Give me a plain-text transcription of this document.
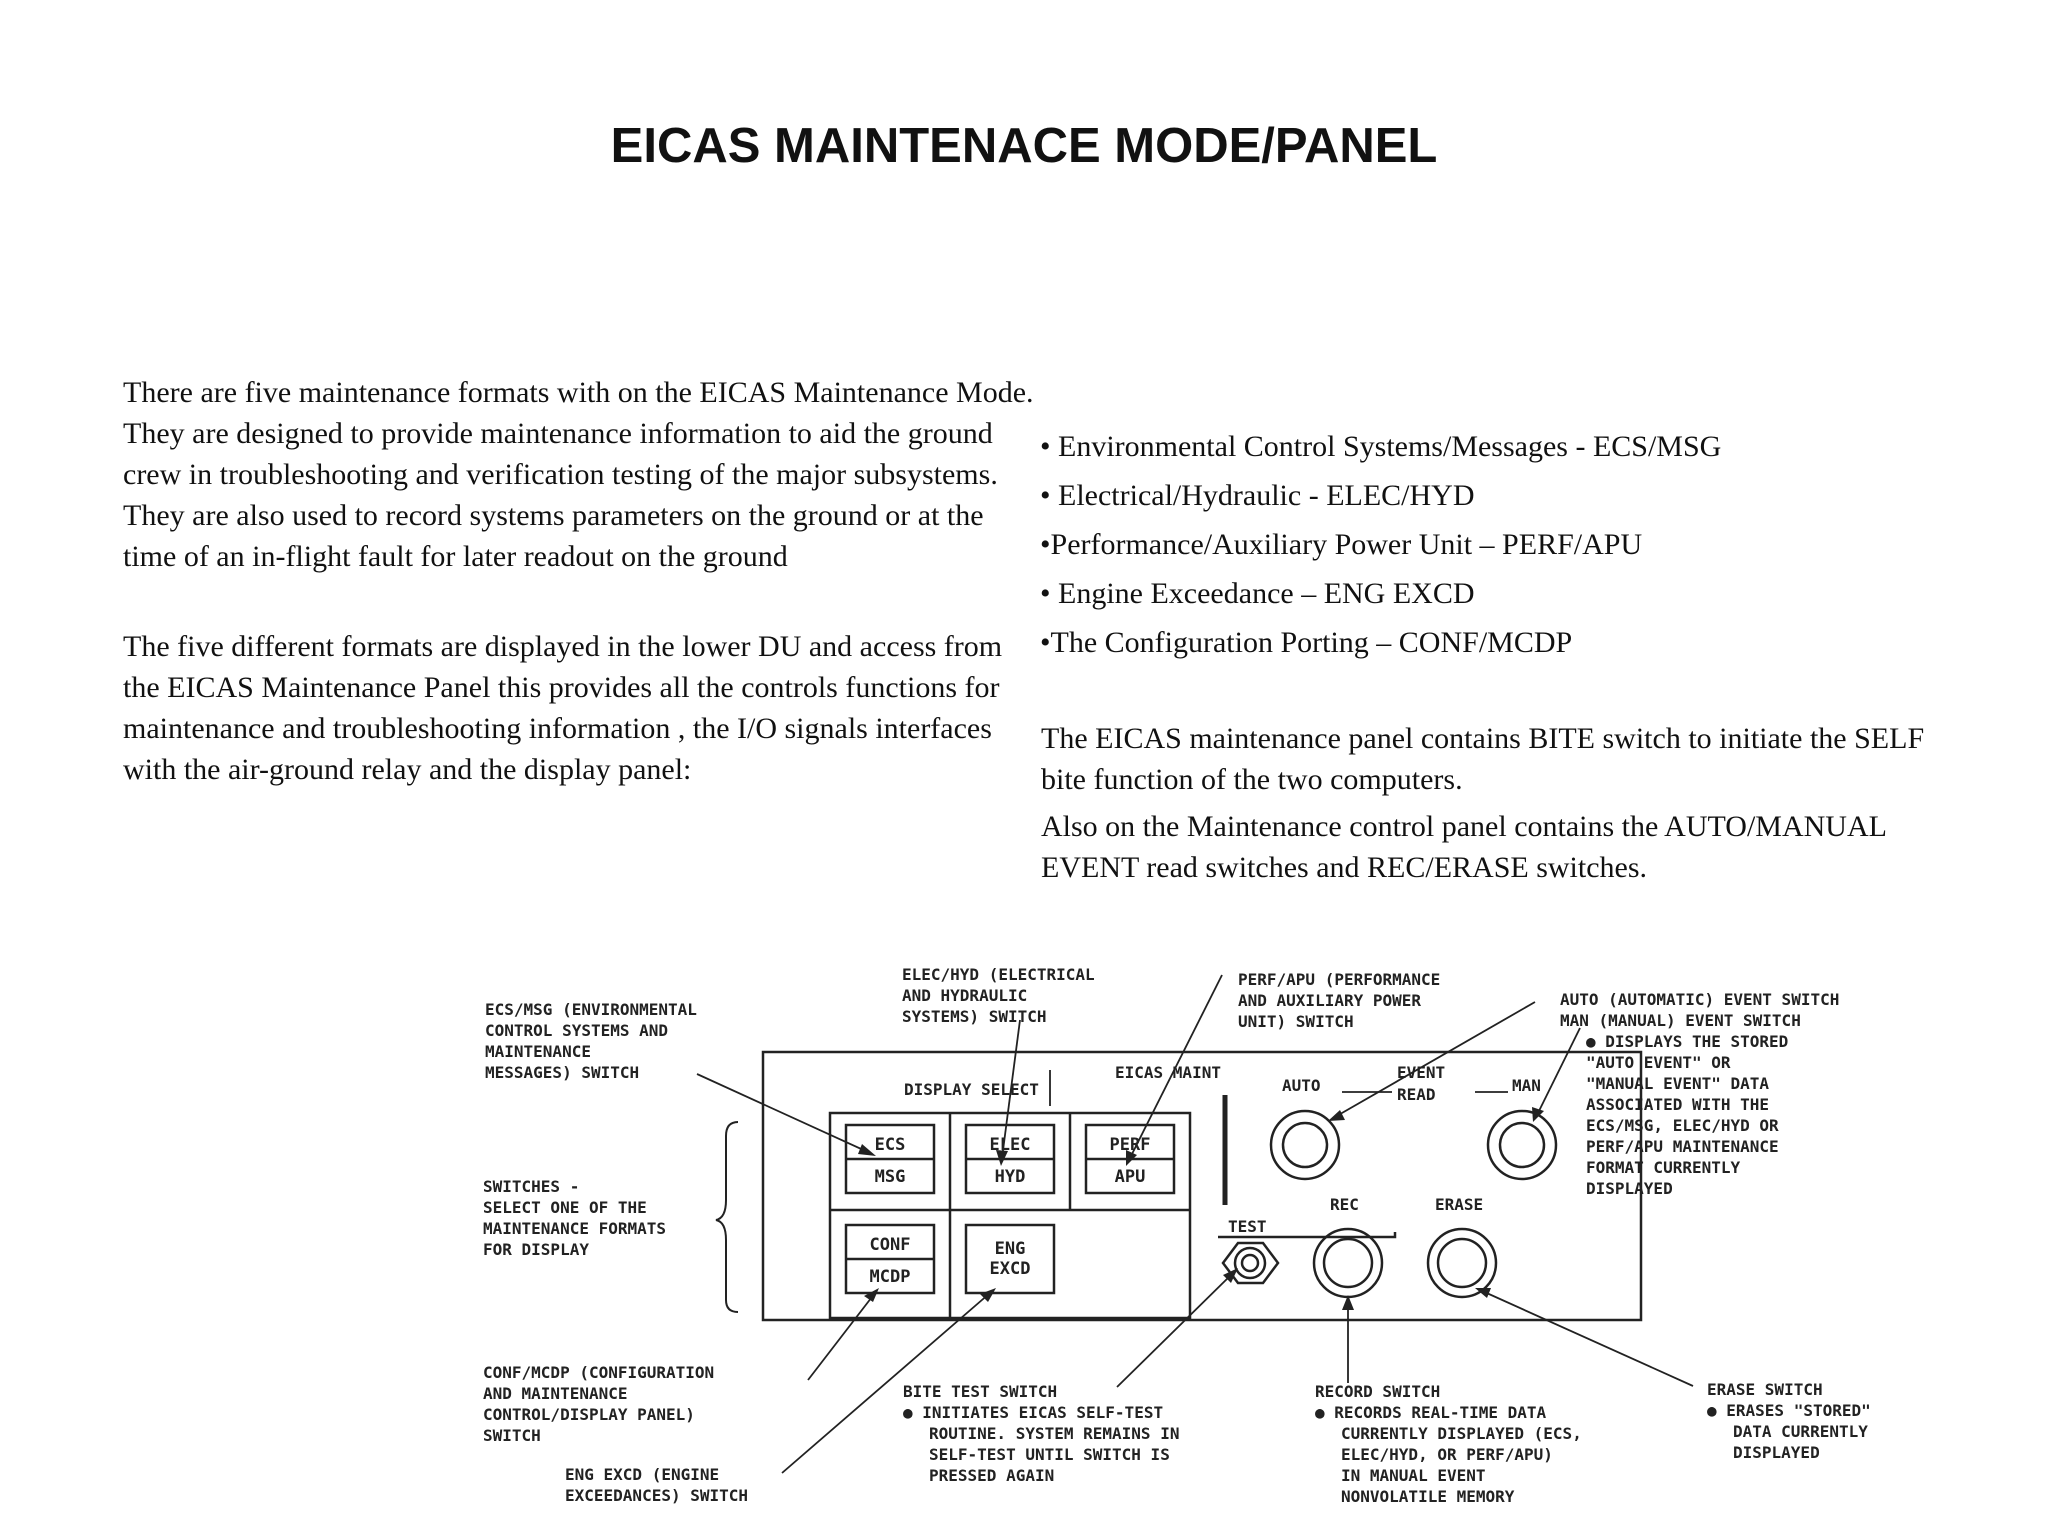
EICAS MAINTENACE MODE/PANEL
There are five maintenance formats with on the EICAS Maintenance Mode. They are designed to provide maintenance information to aid the ground crew in troubleshooting and verification testing of the major subsystems. They are also used to record systems parameters on the ground or at the time of an in-flight fault for later readout on the ground
The five different formats are displayed in the lower DU and access from the EICAS Maintenance Panel this provides all the controls functions for maintenance and troubleshooting information , the I/O signals interfaces with the air-ground relay and the display panel:
• Environmental Control Systems/Messages - ECS/MSG
• Electrical/Hydraulic - ELEC/HYD
•Performance/Auxiliary Power Unit – PERF/APU
• Engine Exceedance – ENG EXCD
•The Configuration Porting – CONF/MCDP
The EICAS maintenance panel contains BITE switch to initiate the SELF bite function of the two computers.
Also on the Maintenance control panel contains the AUTO/MANUAL EVENT read switches and REC/ERASE switches.
DISPLAY SELECT
EICAS MAINT
AUTO
EVENT
READ	MAN
TEST
REC	ERASE
ECS
MSG
ELEC
HYD
PERF
APU
CONF
MCDP
ENG
EXCD
ECS/MSG (ENVIRONMENTAL
CONTROL SYSTEMS AND
MAINTENANCE
MESSAGES) SWITCH
ELEC/HYD (ELECTRICAL
AND HYDRAULIC
SYSTEMS) SWITCH
PERF/APU (PERFORMANCE
AND AUXILIARY POWER
UNIT) SWITCH
AUTO (AUTOMATIC) EVENT SWITCH
MAN (MANUAL) EVENT SWITCH
● DISPLAYS THE STORED
"AUTO EVENT" OR
"MANUAL EVENT" DATA
ASSOCIATED WITH THE
ECS/MSG, ELEC/HYD OR
PERF/APU MAINTENANCE
FORMAT CURRENTLY
DISPLAYED
SWITCHES -
SELECT ONE OF THE
MAINTENANCE FORMATS
FOR DISPLAY
CONF/MCDP (CONFIGURATION
AND MAINTENANCE
CONTROL/DISPLAY PANEL)
SWITCH
ENG EXCD (ENGINE
EXCEEDANCES) SWITCH
BITE TEST SWITCH
● INITIATES EICAS SELF-TEST
ROUTINE. SYSTEM REMAINS IN
SELF-TEST UNTIL SWITCH IS
PRESSED AGAIN
RECORD SWITCH
● RECORDS REAL-TIME DATA
CURRENTLY DISPLAYED (ECS,
ELEC/HYD, OR PERF/APU)
IN MANUAL EVENT
NONVOLATILE MEMORY
ERASE SWITCH
● ERASES "STORED"
DATA CURRENTLY
DISPLAYED
